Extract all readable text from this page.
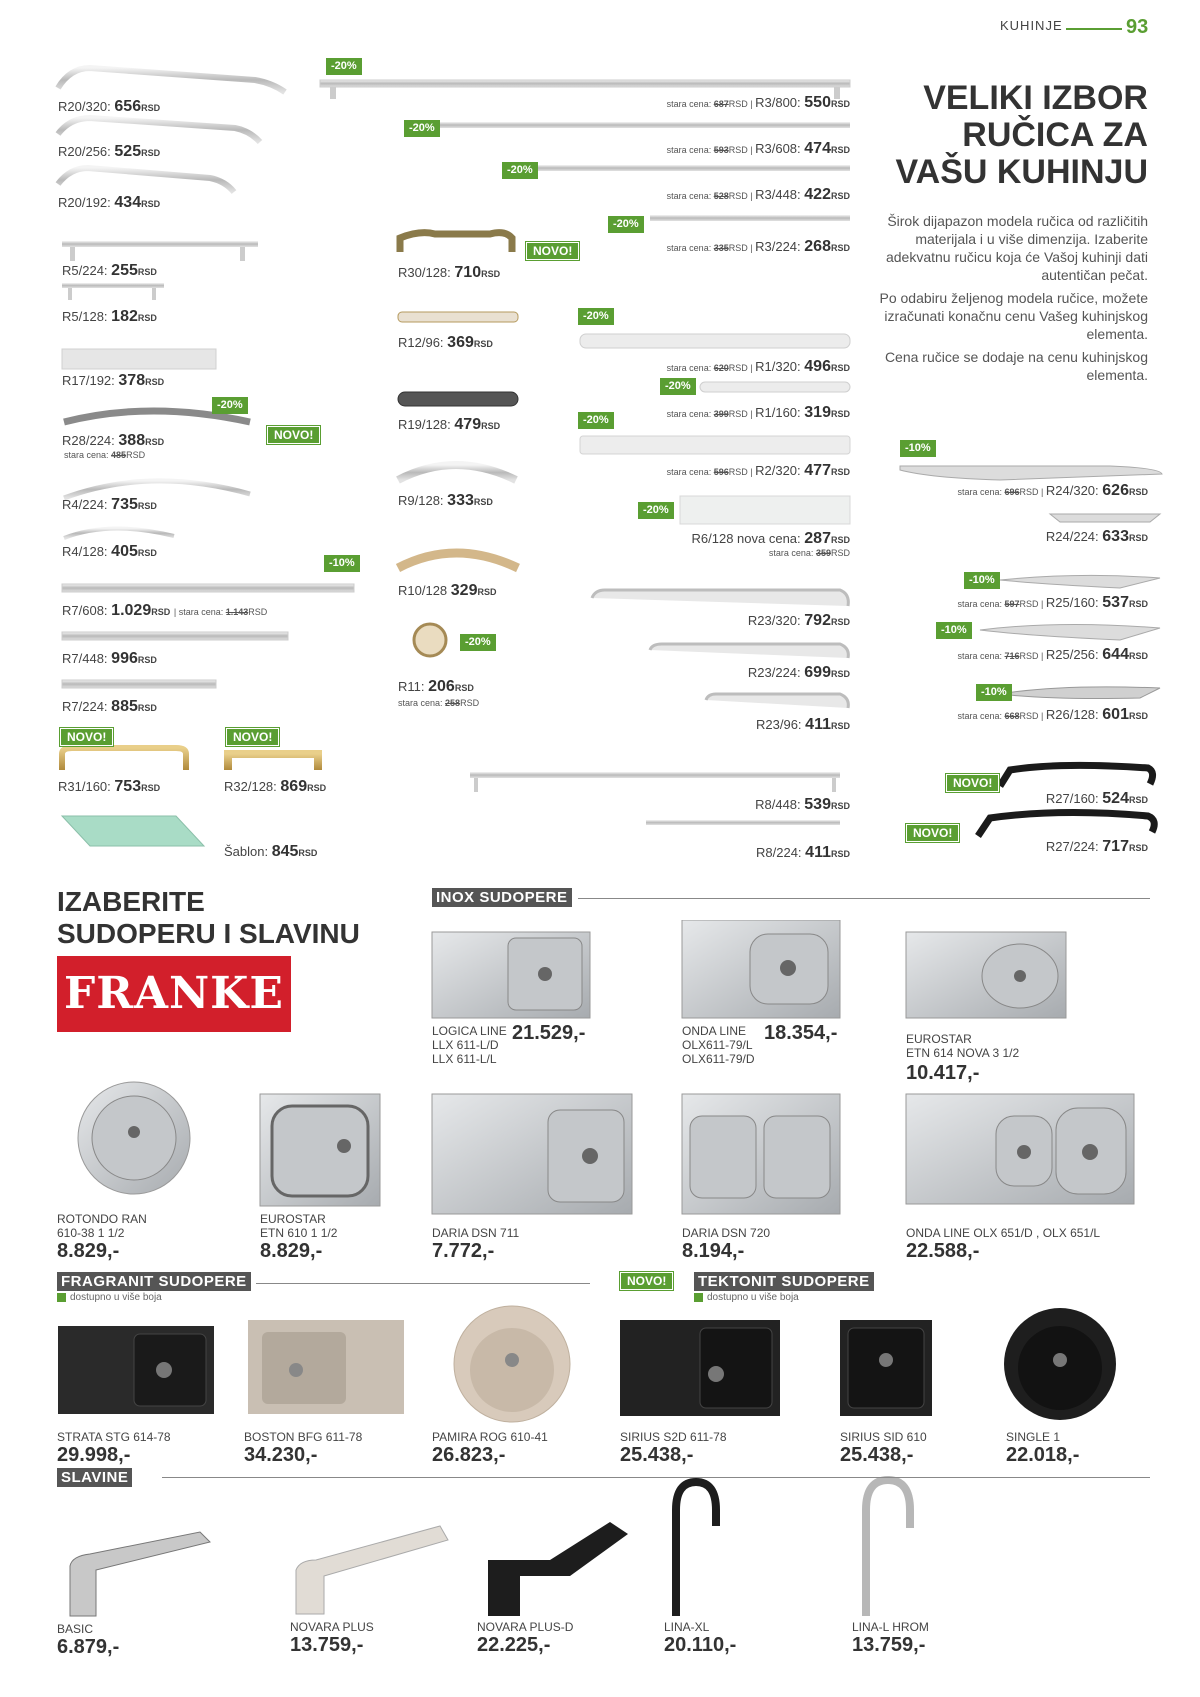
KUHINJE	93
VELIKI IZBOR
RUČICA ZA
VAŠU KUHINJU

Širok dijapazon modela ručica od različitih materijala i u više dimenzija. Izaberite adekvatnu ručicu koja će Vašoj kuhinji dati autentičan pečat.

Po odabiru željenog modela ručice, možete izračunati konačnu cenu Vašeg kuhinjskog elementa.

Cena ručice se dodaje na cenu kuhinjskog elementa.

R20/320: 656RSD
R20/256: 525RSD
R20/192: 434RSD
R5/224: 255RSD
R5/128: 182RSD
R17/192: 378RSD
-20%
NOVO!
R28/224: 388RSD
stara cena: 485RSD
R4/224: 735RSD
R4/128: 405RSD
-10%
R7/608: 1.029RSD | stara cena: 1.143RSD
R7/448: 996RSD
R7/224: 885RSD
NOVO!	NOVO!
R31/160: 753RSD	R32/128: 869RSD
Šablon: 845RSD
NOVO!
R30/128: 710RSD
R12/96: 369RSD
R19/128: 479RSD
R9/128: 333RSD
R10/128 329RSD
-20%
R11: 206RSD
stara cena: 258RSD
-20%
stara cena: 687RSD | R3/800: 550RSD
-20%
stara cena: 593RSD | R3/608: 474RSD
-20%
stara cena: 528RSD | R3/448: 422RSD
-20%
stara cena: 335RSD | R3/224: 268RSD
-20%
stara cena: 620RSD | R1/320: 496RSD
-20%
stara cena: 399RSD | R1/160: 319RSD
-20%
stara cena: 596RSD | R2/320: 477RSD
-20%
R6/128 nova cena: 287RSD
stara cena: 359RSD
R23/320: 792RSD
R23/224: 699RSD
R23/96: 411RSD
R8/448: 539RSD
R8/224: 411RSD
-10%
stara cena: 696RSD | R24/320: 626RSD
R24/224: 633RSD
-10%
stara cena: 597RSD | R25/160: 537RSD
-10%
stara cena: 716RSD | R25/256: 644RSD
-10%
stara cena: 668RSD | R26/128: 601RSD
NOVO!
R27/160: 524RSD
NOVO!
R27/224: 717RSD
IZABERITE
SUDOPERU I SLAVINU
FRANKE
INOX SUDOPERE
LOGICA LINE
LLX 611-L/D
LLX 611-L/L
21.529,-	ONDA LINE
OLX611-79/L
OLX611-79/D
18.354,-	EUROSTAR
ETN 614 NOVA 3 1/2
10.417,-
ROTONDO RAN
610-38 1 1/2
8.829,-
EUROSTAR
ETN 610 1 1/2
8.829,-
DARIA DSN 711
7.772,-
DARIA DSN 720
8.194,-
ONDA LINE OLX 651/D , OLX 651/L
22.588,-
FRAGRANIT SUDOPERE
dostupno u više boja
NOVO!	TEKTONIT SUDOPERE
dostupno u više boja
STRATA STG 614-78
29.998,-
BOSTON BFG 611-78
34.230,-
PAMIRA ROG 610-41
26.823,-
SIRIUS S2D 611-78
25.438,-
SIRIUS SID 610
25.438,-
SINGLE 1
22.018,-
SLAVINE
BASIC
6.879,-
NOVARA PLUS
13.759,-
NOVARA PLUS-D
22.225,-
LINA-XL
20.110,-
LINA-L HROM
13.759,-
